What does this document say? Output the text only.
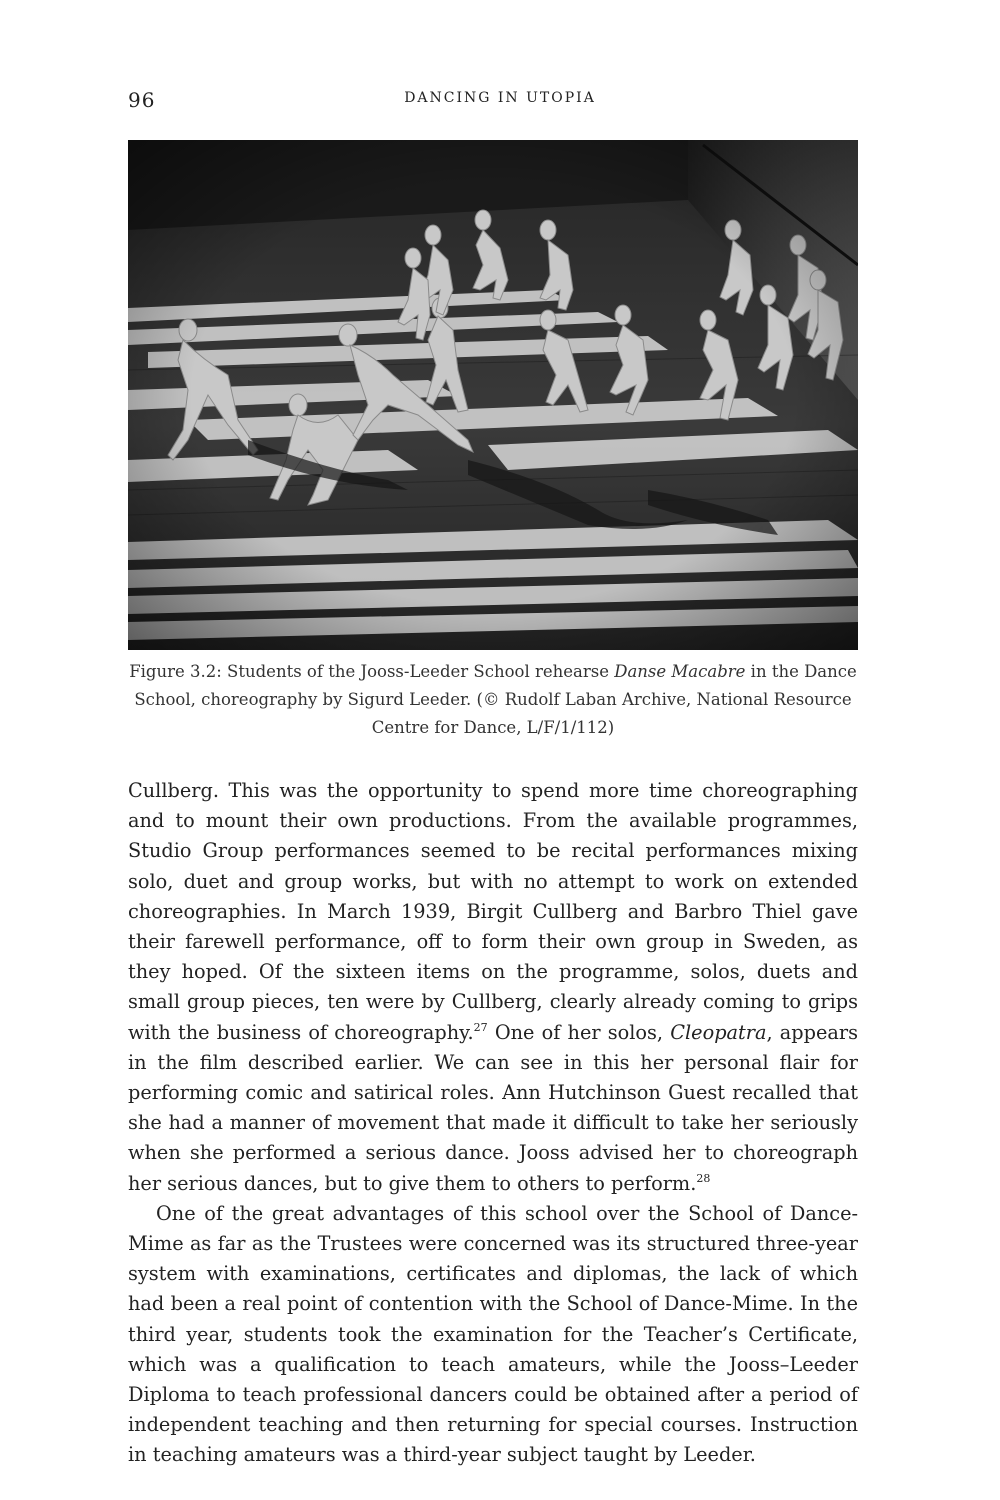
96	DANCING IN UTOPIA
Figure 3.2: Students of the Jooss-Leeder School rehearse Danse Macabre in the Dance School, choreography by Sigurd Leeder. (© Rudolf Laban Archive, National Resource Centre for Dance, L/F/1/112)

Cullberg. This was the opportunity to spend more time choreographing and to mount their own productions. From the available programmes, Studio Group performances seemed to be recital performances mixing solo, duet and group works, but with no attempt to work on extended choreographies. In March 1939, Birgit Cullberg and Barbro Thiel gave their farewell performance, off to form their own group in Sweden, as they hoped. Of the sixteen items on the programme, solos, duets and small group pieces, ten were by Cullberg, clearly already coming to grips with the business of choreography.$^{27}$ One of her solos, Cleopatra, appears in the film described earlier. We can see in this her personal flair for performing comic and satirical roles. Ann Hutchinson Guest recalled that she had a manner of movement that made it difficult to take her seriously when she performed a serious dance. Jooss advised her to choreograph her serious dances, but to give them to others to perform.$^{28}$

One of the great advantages of this school over the School of Dance-Mime as far as the Trustees were concerned was its structured three-year system with examinations, certificates and diplomas, the lack of which had been a real point of contention with the School of Dance-Mime. In the third year, students took the examination for the Teacher’s Certificate, which was a qualification to teach amateurs, while the Jooss–Leeder Diploma to teach professional dancers could be obtained after a period of independent teaching and then returning for special courses. Instruction in teaching amateurs was a third-year subject taught by Leeder.
